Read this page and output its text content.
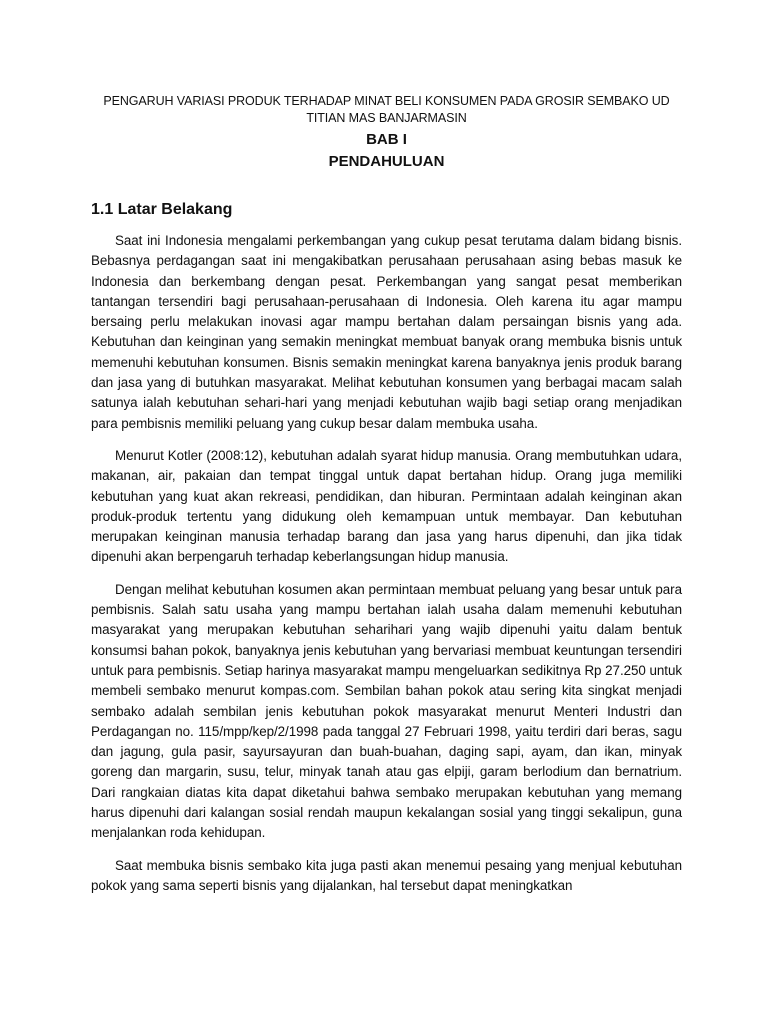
PENGARUH VARIASI PRODUK TERHADAP MINAT BELI KONSUMEN PADA GROSIR SEMBAKO UD TITIAN MAS BANJARMASIN

BAB I

PENDAHULUAN

1.1 Latar Belakang

Saat ini Indonesia mengalami perkembangan yang cukup pesat terutama dalam bidang bisnis. Bebasnya perdagangan saat ini mengakibatkan perusahaan perusahaan asing bebas masuk ke Indonesia dan berkembang dengan pesat. Perkembangan yang sangat pesat memberikan tantangan tersendiri bagi perusahaan-perusahaan di Indonesia. Oleh karena itu agar mampu bersaing perlu melakukan inovasi agar mampu bertahan dalam persaingan bisnis yang ada. Kebutuhan dan keinginan yang semakin meningkat membuat banyak orang membuka bisnis untuk memenuhi kebutuhan konsumen. Bisnis semakin meningkat karena banyaknya jenis produk barang dan jasa yang di butuhkan masyarakat. Melihat kebutuhan konsumen yang berbagai macam salah satunya ialah kebutuhan sehari-hari yang menjadi kebutuhan wajib bagi setiap orang menjadikan para pembisnis memiliki peluang yang cukup besar dalam membuka usaha.

Menurut Kotler (2008:12), kebutuhan adalah syarat hidup manusia. Orang membutuhkan udara, makanan, air, pakaian dan tempat tinggal untuk dapat bertahan hidup. Orang juga memiliki kebutuhan yang kuat akan rekreasi, pendidikan, dan hiburan. Permintaan adalah keinginan akan produk-produk tertentu yang didukung oleh kemampuan untuk membayar. Dan kebutuhan merupakan keinginan manusia terhadap barang dan jasa yang harus dipenuhi, dan jika tidak dipenuhi akan berpengaruh terhadap keberlangsungan hidup manusia.

Dengan melihat kebutuhan kosumen akan permintaan membuat peluang yang besar untuk para pembisnis. Salah satu usaha yang mampu bertahan ialah usaha dalam memenuhi kebutuhan masyarakat yang merupakan kebutuhan seharihari yang wajib dipenuhi yaitu dalam bentuk konsumsi bahan pokok, banyaknya jenis kebutuhan yang bervariasi membuat keuntungan tersendiri untuk para pembisnis. Setiap harinya masyarakat mampu mengeluarkan sedikitnya Rp 27.250 untuk membeli sembako menurut kompas.com. Sembilan bahan pokok atau sering kita singkat menjadi sembako adalah sembilan jenis kebutuhan pokok masyarakat menurut Menteri Industri dan Perdagangan no. 115/mpp/kep/2/1998 pada tanggal 27 Februari 1998, yaitu terdiri dari beras, sagu dan jagung, gula pasir, sayursayuran dan buah-buahan, daging sapi, ayam, dan ikan, minyak goreng dan margarin, susu, telur, minyak tanah atau gas elpiji, garam berlodium dan bernatrium. Dari rangkaian diatas kita dapat diketahui bahwa sembako merupakan kebutuhan yang memang harus dipenuhi dari kalangan sosial rendah maupun kekalangan sosial yang tinggi sekalipun, guna menjalankan roda kehidupan.

Saat membuka bisnis sembako kita juga pasti akan menemui pesaing yang menjual kebutuhan pokok yang sama seperti bisnis yang dijalankan, hal tersebut dapat meningkatkan
